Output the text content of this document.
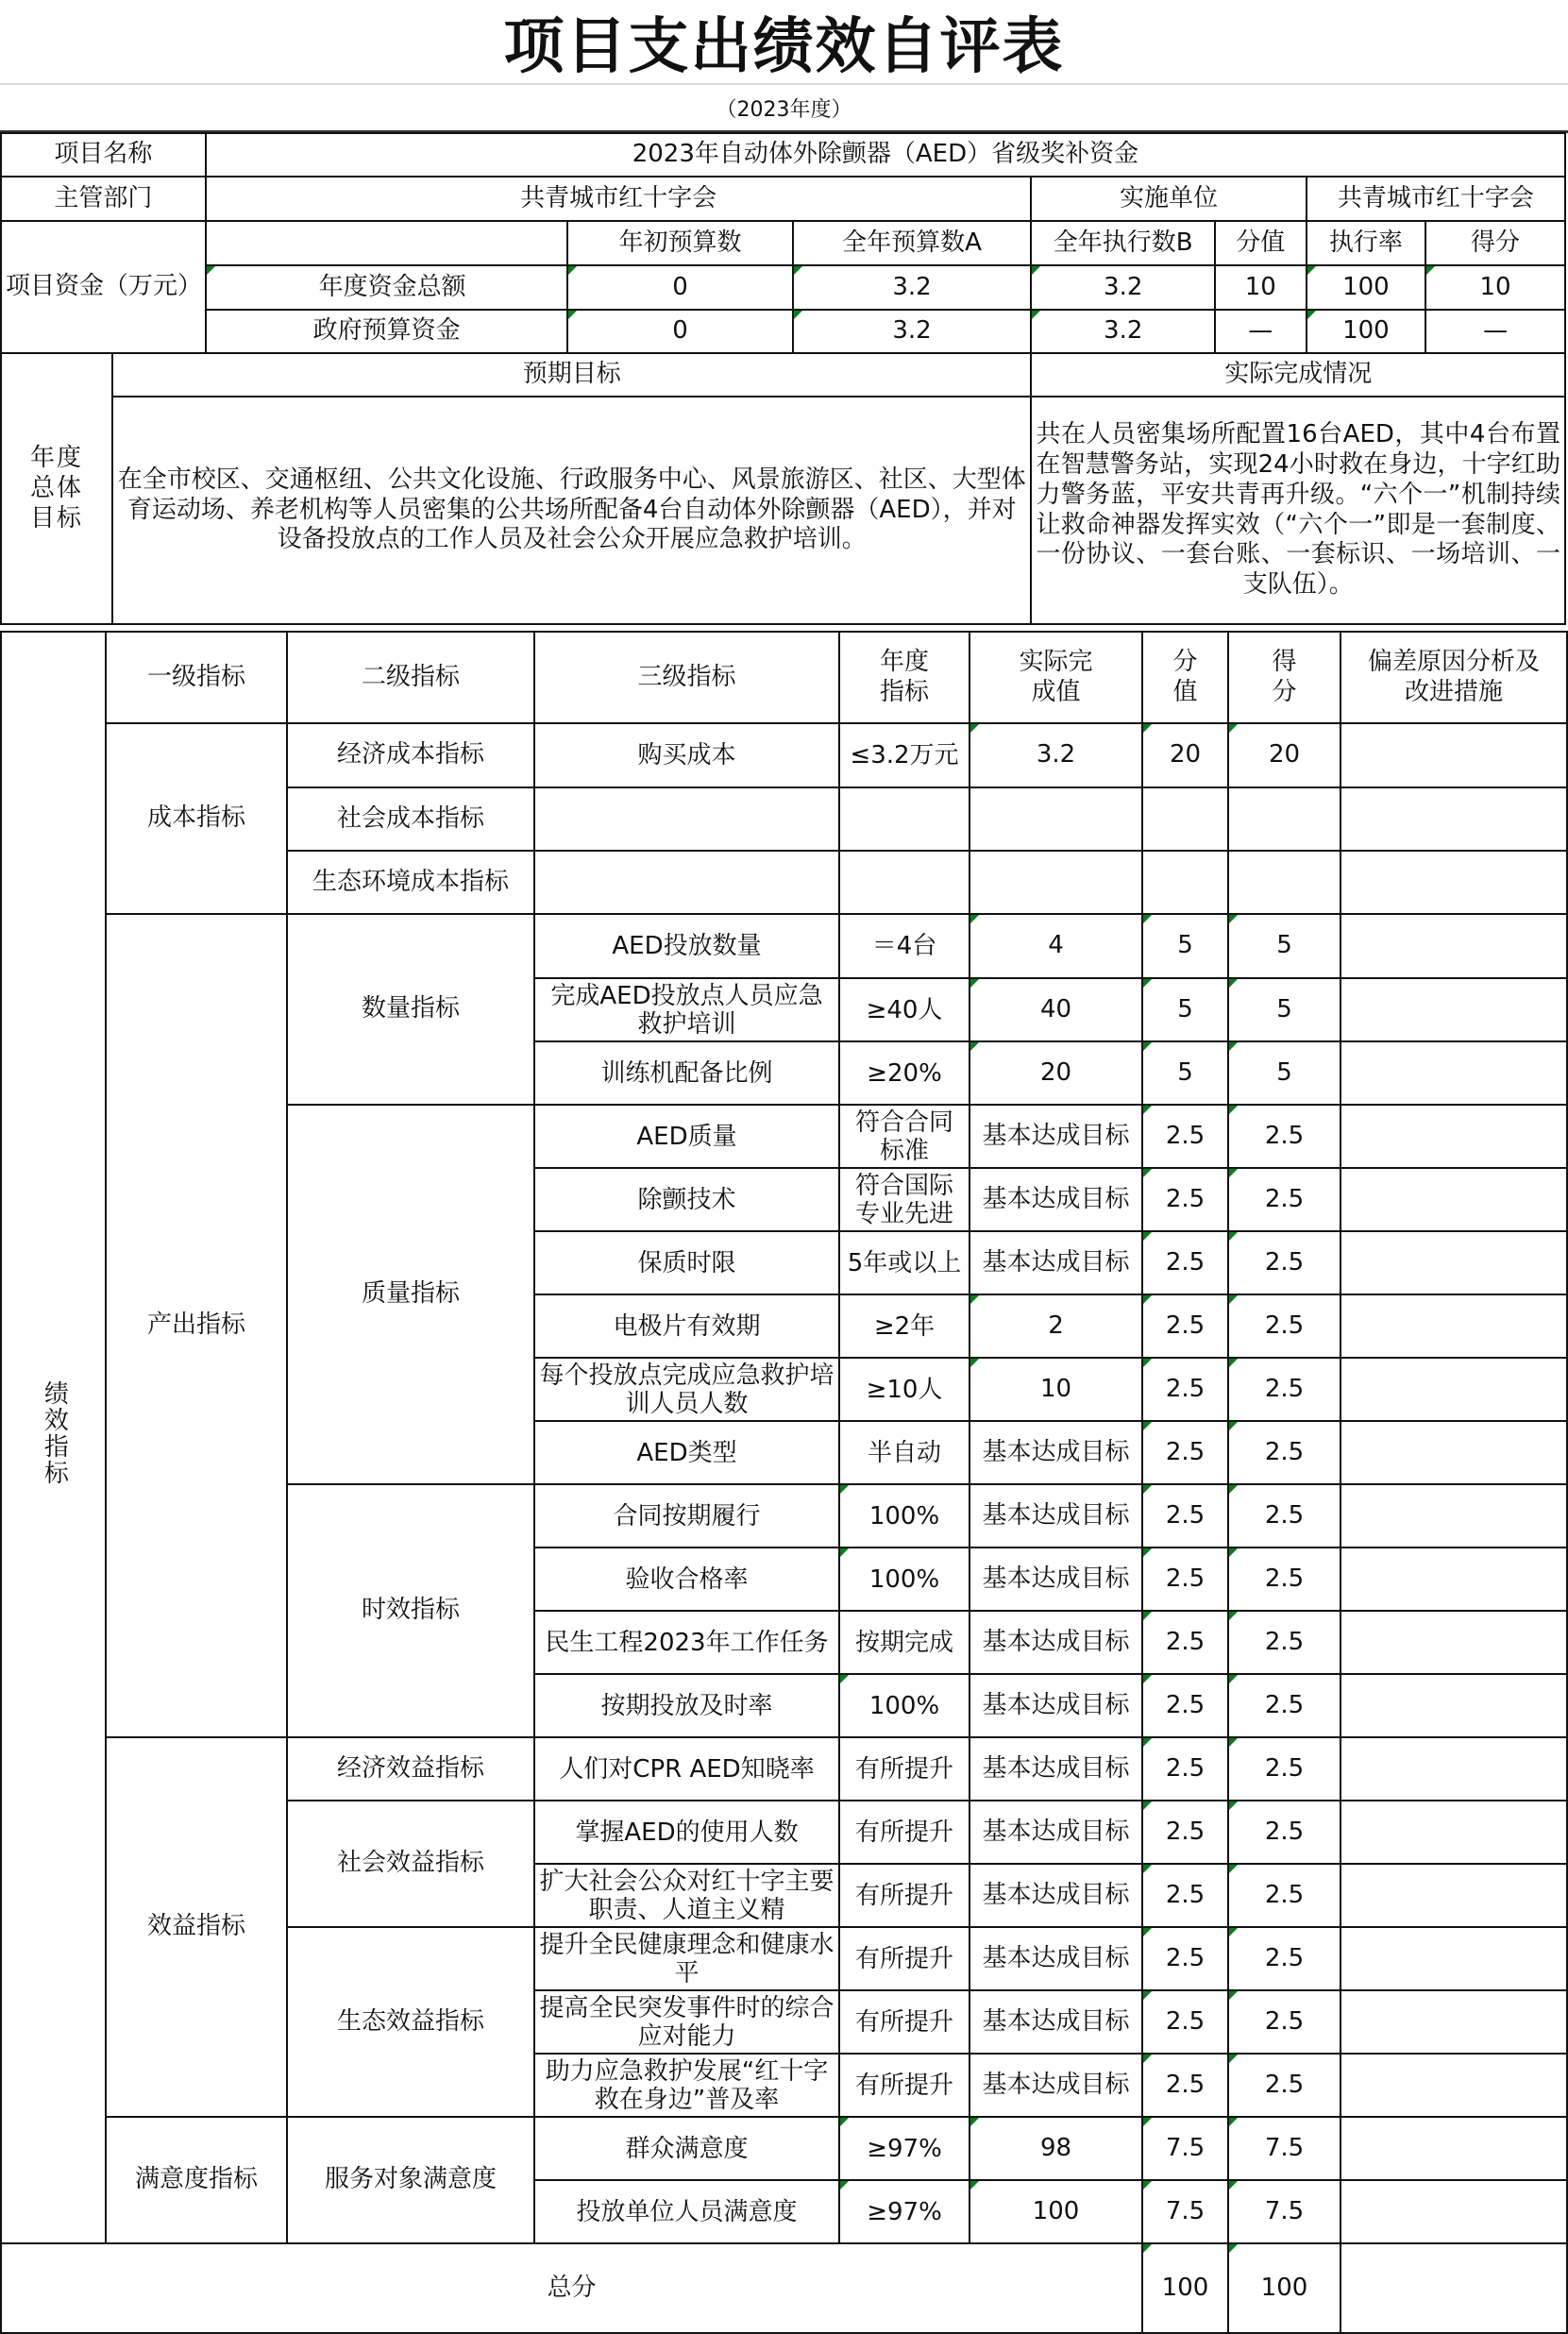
项目支出绩效自评表
（2023年度）
项目名称		2023年自动体外除颤器（AED）省级奖补资金						
主管部门		共青城市红十字会			实施单位		共青城市红十字会	
项目资金（万元）			年初预算数	全年预算数A	全年执行数B	分值	执行率	得分
		年度资金总额	0	3.2	3.2	10	100	10
		政府预算资金	0	3.2	3.2	—	100	—
年度总体目标	预期目标				实际完成情况			
	在全市校区、交通枢纽、公共文化设施、行政服务中心、风景旅游区、社区、大型体育运动场、养老机构等人员密集的公共场所配备4台自动体外除颤器（AED），并对设备投放点的工作人员及社会公众开展应急救护培训。				共在人员密集场所配置16台AED，其中4台布置在智慧警务站，实现24小时救在身边，十字红助力警务蓝，平安共青再升级。“六个一”机制持续让救命神器发挥实效（“六个一”即是一套制度、一份协议、一套台账、一套标识、一场培训、一支队伍）。			
绩效指标	一级指标	二级指标	三级指标	年度指标	实际完成值	分值	得分	偏差原因分析及改进措施
	成本指标	经济成本指标	购买成本	≤3.2万元	3.2	20	20	
		社会成本指标	

		生态环境成本指标	

	产出指标	数量指标	AED投放数量	＝4台	4	5	5	

			完成AED投放点人员应急救护培训	≥40人	40	5	5	

			训练机配备比例	≥20%	20	5	5	
		质量指标	AED质量	符合合同标准	基本达成目标	2.5	2.5	

			除颤技术	符合国际专业先进	基本达成目标	2.5	2.5	

			保质时限	5年或以上	基本达成目标	2.5	2.5	

			电极片有效期	≥2年	2	2.5	2.5	

			每个投放点完成应急救护培训人员人数	≥10人	10	2.5	2.5	

			AED类型	半自动	基本达成目标	2.5	2.5	
		时效指标	合同按期履行	100%	基本达成目标	2.5	2.5	

			验收合格率	100%	基本达成目标	2.5	2.5	

			民生工程2023年工作任务	按期完成	基本达成目标	2.5	2.5	

			按期投放及时率	100%	基本达成目标	2.5	2.5	
	效益指标	经济效益指标	人们对CPR AED知晓率	有所提升	基本达成目标	2.5	2.5	
		社会效益指标	掌握AED的使用人数	有所提升	基本达成目标	2.5	2.5	

			扩大社会公众对红十字主要职责、人道主义精	有所提升	基本达成目标	2.5	2.5	
		生态效益指标	提升全民健康理念和健康水平	有所提升	基本达成目标	2.5	2.5	

			提高全民突发事件时的综合应对能力	有所提升	基本达成目标	2.5	2.5	

			助力应急救护发展“红十字救在身边”普及率	有所提升	基本达成目标	2.5	2.5	
	满意度指标	服务对象满意度	群众满意度	≥97%	98	7.5	7.5	

			投放单位人员满意度	≥97%	100	7.5	7.5	
总分						100	100	
